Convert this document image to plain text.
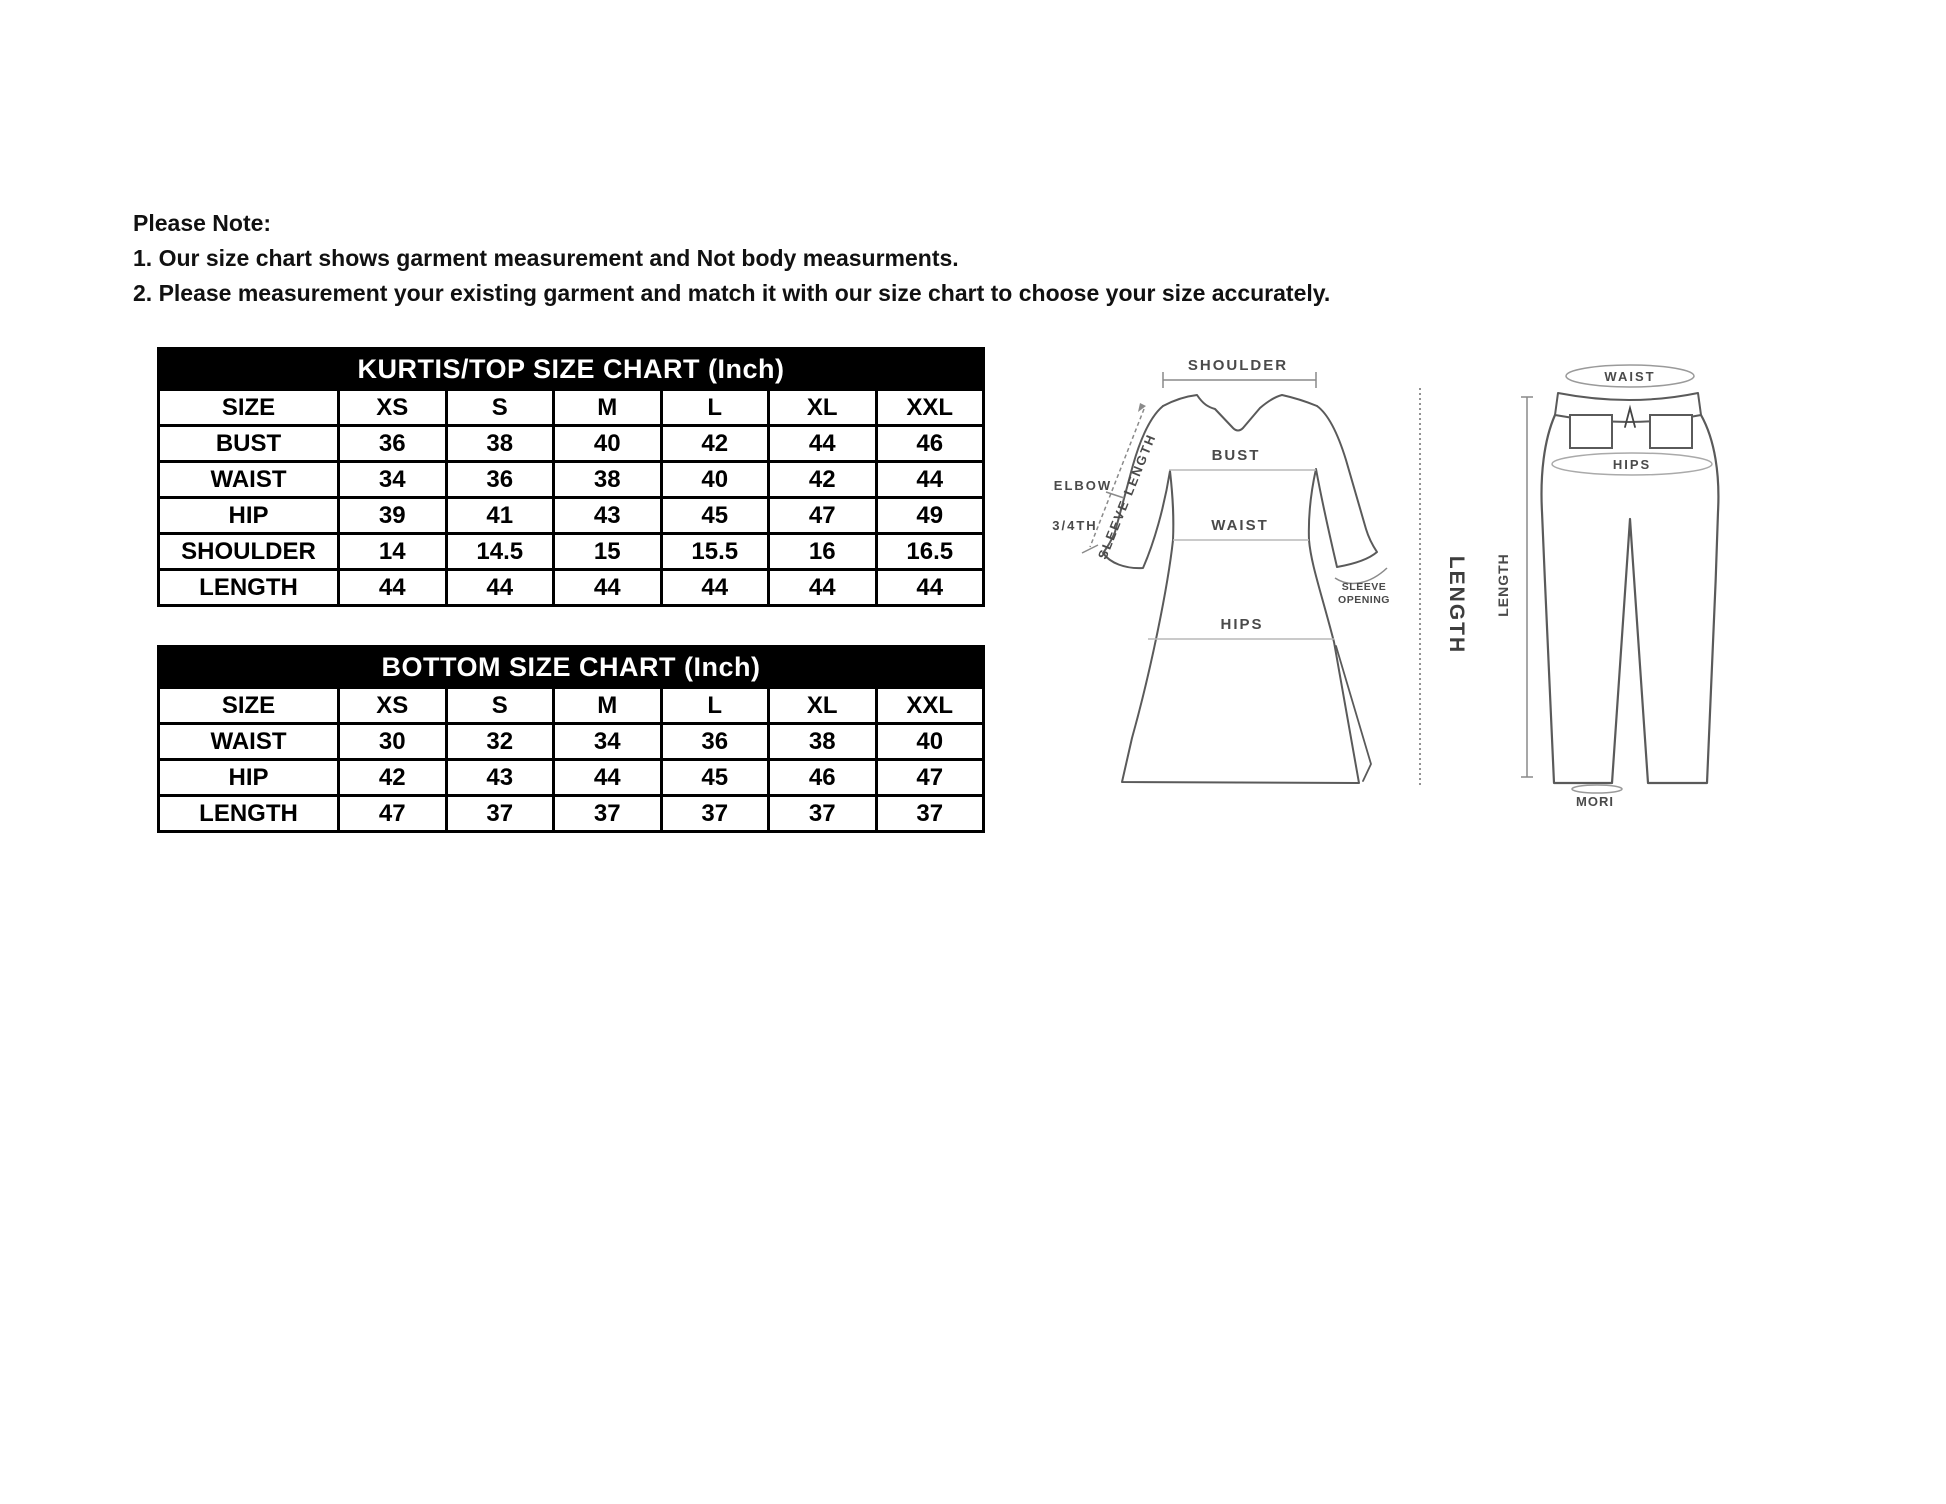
Please Note:
1. Our size chart shows garment measurement and Not body measurments.
2. Please measurement your existing garment and match it with our size chart to choose your size accurately.
KURTIS/TOP SIZE CHART (Inch)						
SIZE	XS	S	M	L	XL	XXL
BUST	36	38	40	42	44	46
WAIST	34	36	38	40	42	44
HIP	39	41	43	45	47	49
SHOULDER	14	14.5	15	15.5	16	16.5
LENGTH	44	44	44	44	44	44
BOTTOM SIZE CHART (Inch)						
SIZE	XS	S	M	L	XL	XXL
WAIST	30	32	34	36	38	40
HIP	42	43	44	45	46	47
LENGTH	47	37	37	37	37	37
SHOULDER
BUST
WAIST
HIPS
SLEEVE LENGTH
ELBOW
3/4TH
SLEEVE
OPENING	LENGTH LENGTH
WAIST
HIPS
MORI
